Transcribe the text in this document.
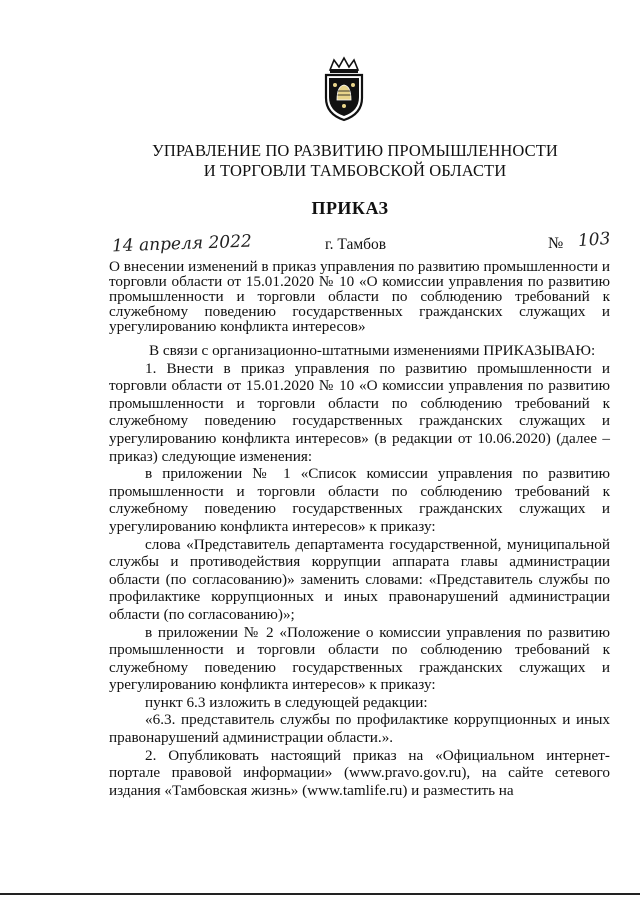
УПРАВЛЕНИЕ ПО РАЗВИТИЮ ПРОМЫШЛЕННОСТИ
И ТОРГОВЛИ ТАМБОВСКОЙ ОБЛАСТИ
ПРИКАЗ
14 апреля 2022	г. Тамбов	№ 103
О внесении изменений в приказ управления по развитию промышленности и торговли области от 15.01.2020 № 10 «О комиссии управления по развитию промышленности и торговли области по соблюдению требований к служебному поведению государственных гражданских служащих и урегулированию конфликта интересов»

В связи с организационно-штатными изменениями ПРИКАЗЫВАЮ:

1. Внести в приказ управления по развитию промышленности и торговли области от 15.01.2020 № 10 «О комиссии управления по развитию промышленности и торговли области по соблюдению требований к служебному поведению государственных гражданских служащих и урегулированию конфликта интересов» (в редакции от 10.06.2020) (далее – приказ) следующие изменения:

в приложении № 1 «Список комиссии управления по развитию промышленности и торговли области по соблюдению требований к служебному поведению государственных гражданских служащих и урегулированию конфликта интересов» к приказу:

слова «Представитель департамента государственной, муниципальной службы и противодействия коррупции аппарата главы администрации области (по согласованию)» заменить словами: «Представитель службы по профилактике коррупционных и иных правонарушений администрации области (по согласованию)»;

в приложении № 2 «Положение о комиссии управления по развитию промышленности и торговли области по соблюдению требований к служебному поведению государственных гражданских служащих и урегулированию конфликта интересов» к приказу:

пункт 6.3 изложить в следующей редакции:

«6.3. представитель службы по профилактике коррупционных и иных правонарушений администрации области.».

2. Опубликовать настоящий приказ на «Официальном интернет-портале правовой информации» (www.pravo.gov.ru), на сайте сетевого издания «Тамбовская жизнь» (www.tamlife.ru) и разместить на
